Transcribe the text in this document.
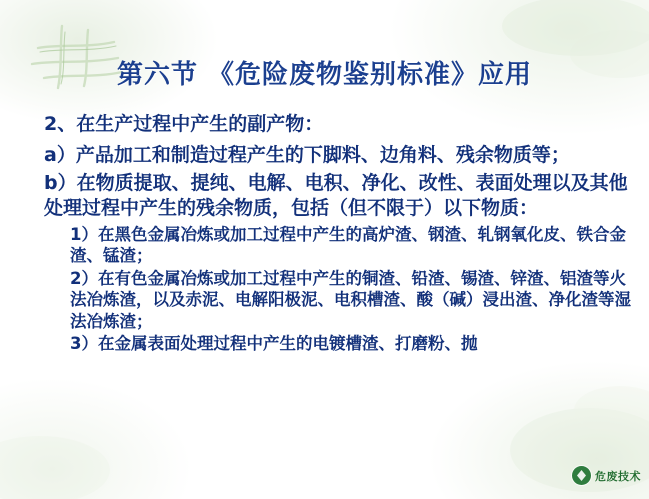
第六节 《危险废物鉴别标准》应用
2、在生产过程中产生的副产物：
a）产品加工和制造过程产生的下脚料、边角料、残余物质等；
b）在物质提取、提纯、电解、电积、净化、改性、表面处理以及其他处理过程中产生的残余物质，包括（但不限于）以下物质：
1）在黑色金属冶炼或加工过程中产生的高炉渣、钢渣、轧钢氧化皮、铁合金渣、锰渣；
2）在有色金属冶炼或加工过程中产生的铜渣、铅渣、锡渣、锌渣、铝渣等火法冶炼渣，以及赤泥、电解阳极泥、电积槽渣、酸（碱）浸出渣、净化渣等湿法冶炼渣；
3）在金属表面处理过程中产生的电镀槽渣、打磨粉、抛
危废技术
